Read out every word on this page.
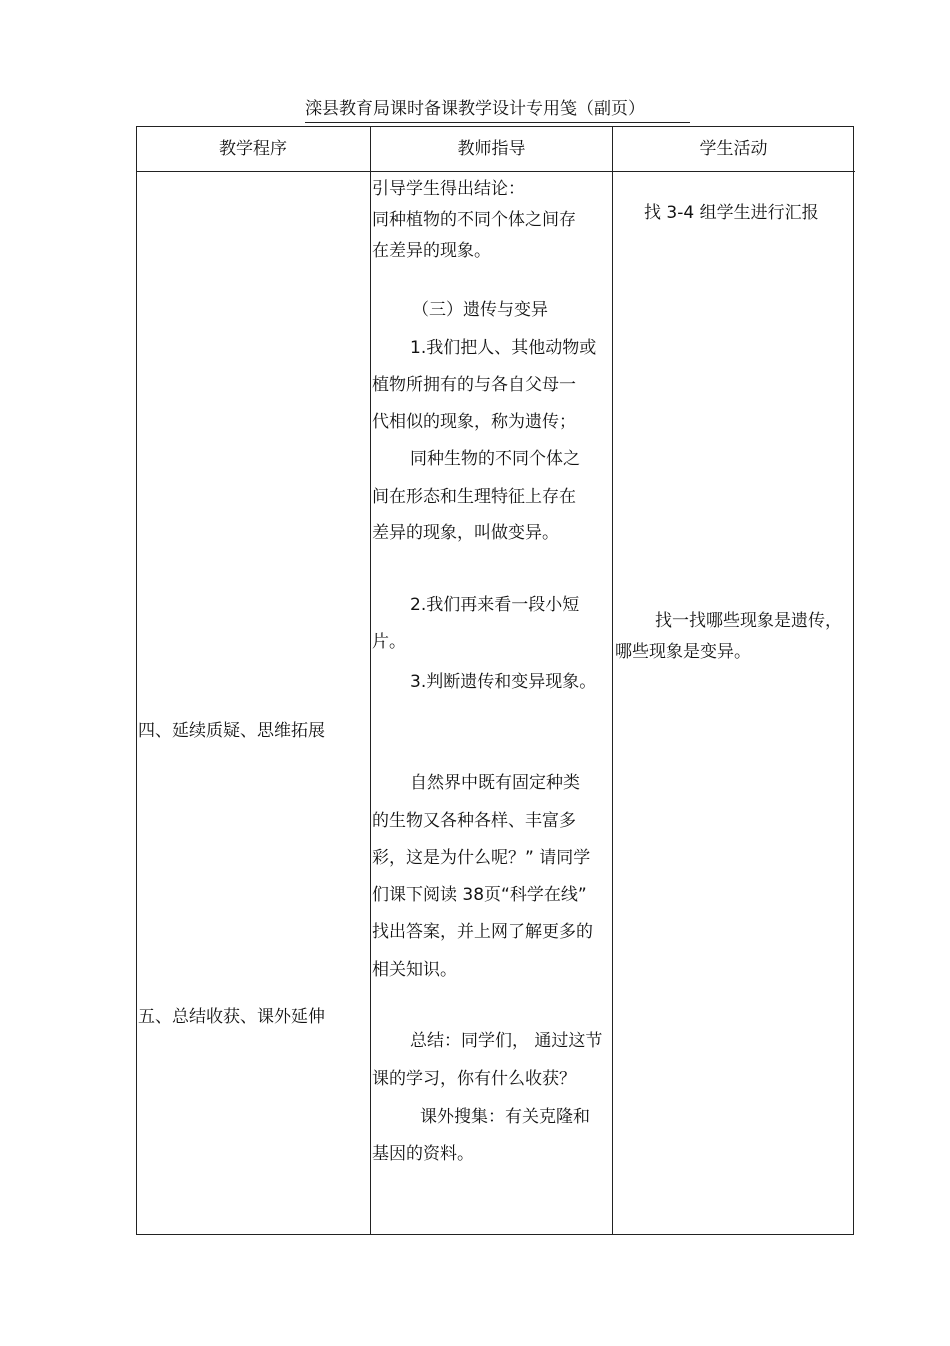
滦县教育局课时备课教学设计专用笺（副页）
教学程序	教师指导	学生活动
四、延续质疑、思维拓展
五、总结收获、课外延伸
引导学生得出结论：
同种植物的不同个体之间存
在差异的现象。
（三）遗传与变异
1.我们把人、其他动物或
植物所拥有的与各自父母一
代相似的现象，称为遗传；
同种生物的不同个体之
间在形态和生理特征上存在
差异的现象，叫做变异。
2.我们再来看一段小短
片。
3.判断遗传和变异现象。
自然界中既有固定种类
的生物又各种各样、丰富多
彩，这是为什么呢？” 请同学
们课下阅读 38页“科学在线”
找出答案，并上网了解更多的
相关知识。
总结：同学们， 通过这节
课的学习，你有什么收获？
课外搜集：有关克隆和
基因的资料。
找 3-4 组学生进行汇报
找一找哪些现象是遗传，
哪些现象是变异。
